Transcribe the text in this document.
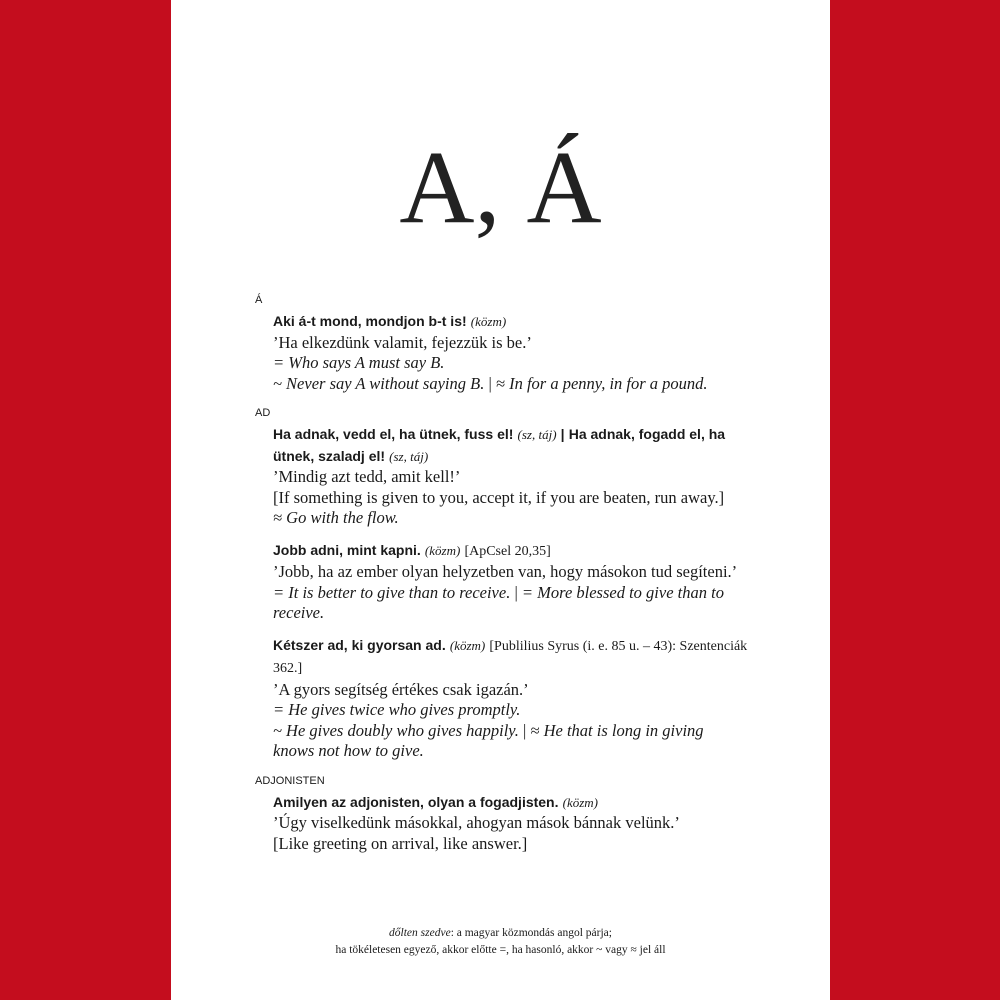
A, Á
Á
Aki á-t mond, mondjon b-t is! (közm)
’Ha elkezdünk valamit, fejezzük is be.’
= Who says A must say B.
~ Never say A without saying B. | ≈ In for a penny, in for a pound.
AD
Ha adnak, vedd el, ha ütnek, fuss el! (sz, táj) | Ha adnak, fogadd el, ha ütnek, szaladj el! (sz, táj)
’Mindig azt tedd, amit kell!’
[If something is given to you, accept it, if you are beaten, run away.]
≈ Go with the flow.
Jobb adni, mint kapni. (közm) [ApCsel 20,35]
’Jobb, ha az ember olyan helyzetben van, hogy másokon tud segíteni.’
= It is better to give than to receive. | = More blessed to give than to receive.
Kétszer ad, ki gyorsan ad. (közm) [Publilius Syrus (i. e. 85 u. – 43): Szentenciák 362.]
’A gyors segítség értékes csak igazán.’
= He gives twice who gives promptly.
~ He gives doubly who gives happily. | ≈ He that is long in giving knows not how to give.
ADJONISTEN
Amilyen az adjonisten, olyan a fogadjisten. (közm)
’Úgy viselkedünk másokkal, ahogyan mások bánnak velünk.’
[Like greeting on arrival, like answer.]
dőlten szedve: a magyar közmondás angol párja;
ha tökéletesen egyező, akkor előtte =, ha hasonló, akkor ~ vagy ≈ jel áll
